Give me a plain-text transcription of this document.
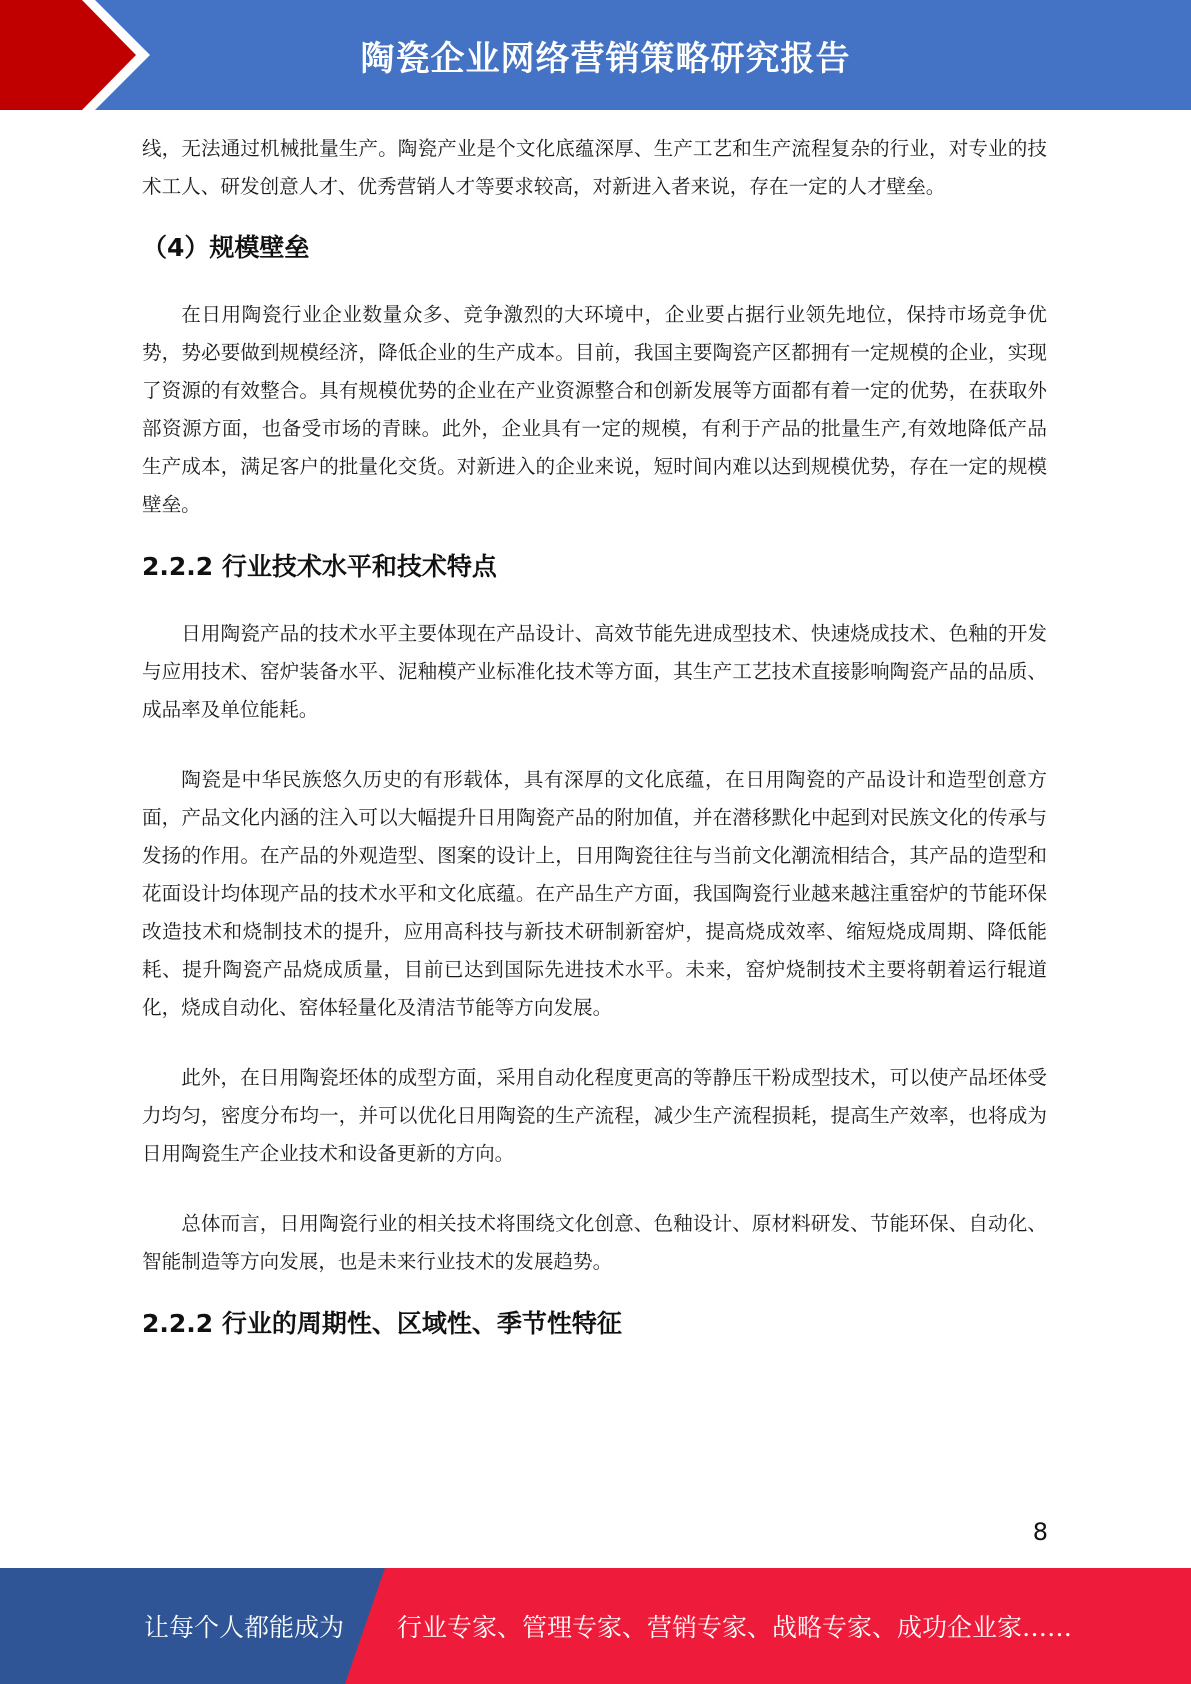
陶瓷企业网络营销策略研究报告

线，无法通过机械批量生产。陶瓷产业是个文化底蕴深厚、生产工艺和生产流程复杂的行业，对专业的技术工人、研发创意人才、优秀营销人才等要求较高，对新进入者来说，存在一定的人才壁垒。

（4）规模壁垒

在日用陶瓷行业企业数量众多、竞争激烈的大环境中，企业要占据行业领先地位，保持市场竞争优势，势必要做到规模经济，降低企业的生产成本。目前，我国主要陶瓷产区都拥有一定规模的企业，实现了资源的有效整合。具有规模优势的企业在产业资源整合和创新发展等方面都有着一定的优势，在获取外部资源方面，也备受市场的青睐。此外，企业具有一定的规模，有利于产品的批量生产,有效地降低产品生产成本，满足客户的批量化交货。对新进入的企业来说，短时间内难以达到规模优势，存在一定的规模壁垒。

2.2.2 行业技术水平和技术特点

日用陶瓷产品的技术水平主要体现在产品设计、高效节能先进成型技术、快速烧成技术、色釉的开发与应用技术、窑炉装备水平、泥釉模产业标准化技术等方面，其生产工艺技术直接影响陶瓷产品的品质、成品率及单位能耗。

陶瓷是中华民族悠久历史的有形载体，具有深厚的文化底蕴，在日用陶瓷的产品设计和造型创意方面，产品文化内涵的注入可以大幅提升日用陶瓷产品的附加值，并在潜移默化中起到对民族文化的传承与发扬的作用。在产品的外观造型、图案的设计上，日用陶瓷往往与当前文化潮流相结合，其产品的造型和花面设计均体现产品的技术水平和文化底蕴。在产品生产方面，我国陶瓷行业越来越注重窑炉的节能环保改造技术和烧制技术的提升，应用高科技与新技术研制新窑炉，提高烧成效率、缩短烧成周期、降低能耗、提升陶瓷产品烧成质量，目前已达到国际先进技术水平。未来，窑炉烧制技术主要将朝着运行辊道化，烧成自动化、窑体轻量化及清洁节能等方向发展。

此外，在日用陶瓷坯体的成型方面，采用自动化程度更高的等静压干粉成型技术，可以使产品坯体受力均匀，密度分布均一，并可以优化日用陶瓷的生产流程，减少生产流程损耗，提高生产效率，也将成为日用陶瓷生产企业技术和设备更新的方向。

总体而言，日用陶瓷行业的相关技术将围绕文化创意、色釉设计、原材料研发、节能环保、自动化、智能制造等方向发展，也是未来行业技术的发展趋势。

2.2.2 行业的周期性、区域性、季节性特征
8
让每个人都能成为 行业专家、管理专家、营销专家、战略专家、成功企业家……
